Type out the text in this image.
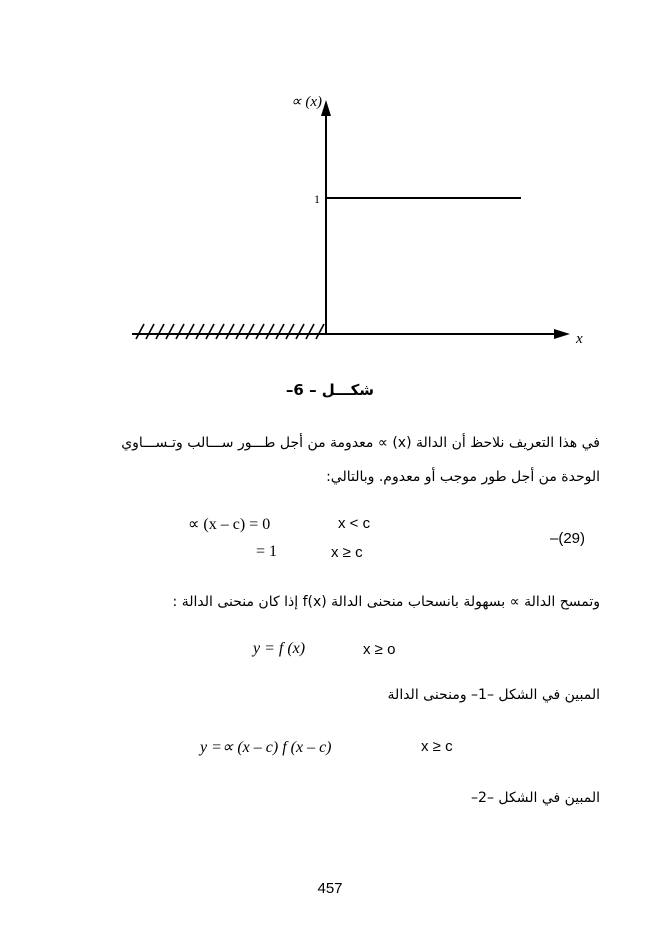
∝ (x)
x
1
شكـــل – 6–
في هذا التعريف نلاحظ أن الدالة (x) ∝ معدومة من أجل طـــور ســـالب وتـســـاوي
الوحدة من أجل طور موجب أو معدوم. وبالتالي:
∝ (x – c) = 0	x < c
= 1	x ≥ c
–(29)
وتمسح الدالة ∝ بسهولة بانسحاب منحنى الدالة f(x) إذا كان منحنى الدالة :
y = f (x)	x ≥ o
المبين في الشكل –1– ومنحنى الدالة
y =∝ (x – c) f (x – c)	x ≥ c
المبين في الشكل –2–
457
